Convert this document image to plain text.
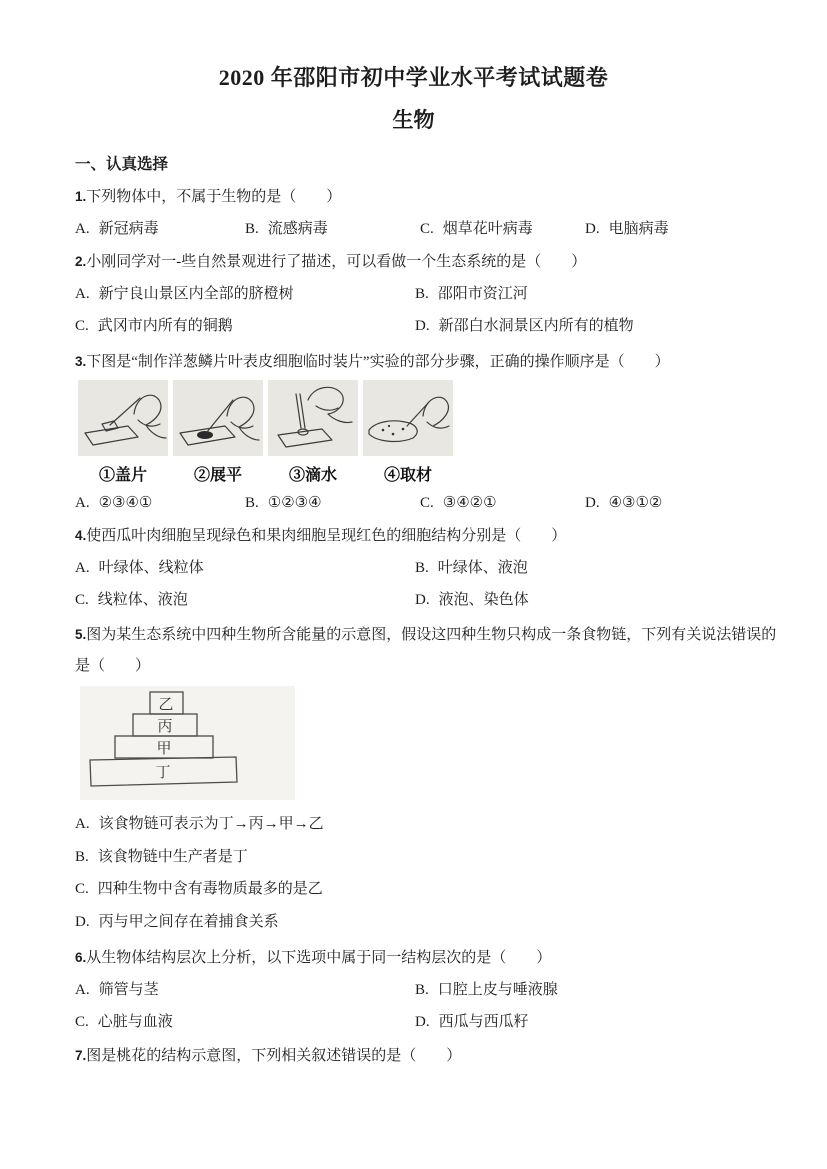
2020 年邵阳市初中学业水平考试试题卷
生物
一、认真选择
1.下列物体中，不属于生物的是（　　）
A. 新冠病毒	B. 流感病毒	C. 烟草花叶病毒	D. 电脑病毒
2.小刚同学对一-些自然景观进行了描述，可以看做一个生态系统的是（　　）
A. 新宁良山景区内全部的脐橙树	B. 邵阳市资江河
C. 武冈市内所有的铜鹅	D. 新邵白水洞景区内所有的植物
3.下图是“制作洋葱鳞片叶表皮细胞临时装片”实验的部分步骤，正确的操作顺序是（　　）
①盖片	②展平	③滴水	④取材
A. ②③④①	B. ①②③④	C. ③④②①	D. ④③①②
4.使西瓜叶肉细胞呈现绿色和果肉细胞呈现红色的细胞结构分别是（　　）
A. 叶绿体、线粒体	B. 叶绿体、液泡
C. 线粒体、液泡	D. 液泡、染色体
5.图为某生态系统中四种生物所含能量的示意图，假设这四种生物只构成一条食物链，下列有关说法错误的
是（　　）
乙
丙
甲
丁
A. 该食物链可表示为丁→丙→甲→乙
B. 该食物链中生产者是丁
C. 四种生物中含有毒物质最多的是乙
D. 丙与甲之间存在着捕食关系
6.从生物体结构层次上分析，以下选项中属于同一结构层次的是（　　）
A. 筛管与茎	B. 口腔上皮与唾液腺
C. 心脏与血液	D. 西瓜与西瓜籽
7.图是桃花的结构示意图，下列相关叙述错误的是（　　）
